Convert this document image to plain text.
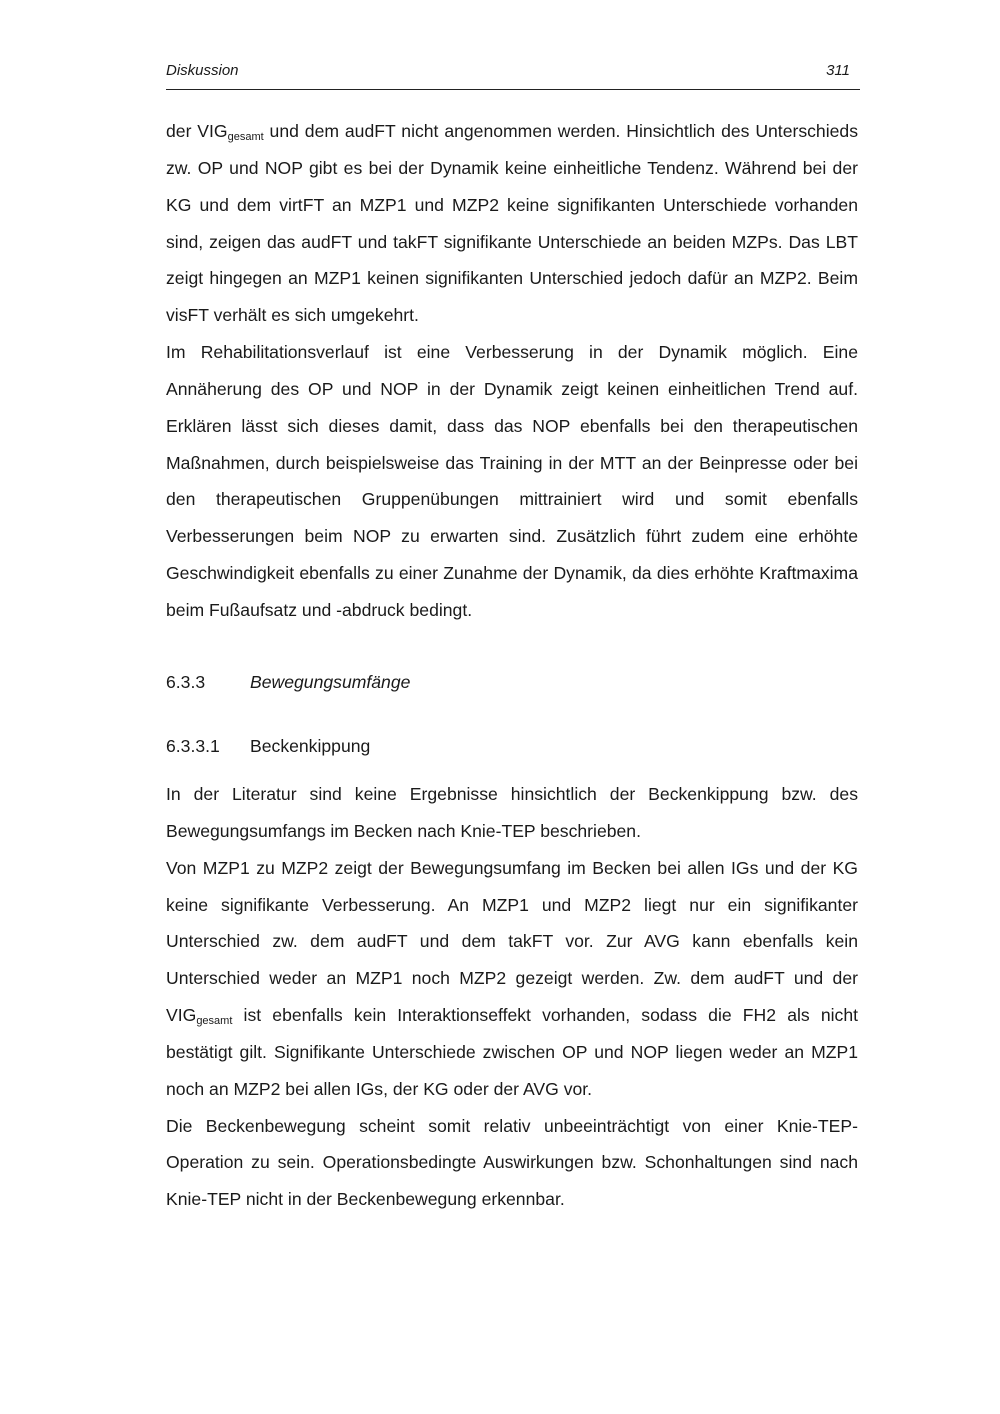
Diskussion	311

der $VIG_{gesamt}$ und dem audFT nicht angenommen werden. Hinsichtlich des Unterschieds zw. OP und NOP gibt es bei der Dynamik keine einheitliche Tendenz. Während bei der KG und dem virtFT an MZP1 und MZP2 keine signifikanten Unterschiede vorhanden sind, zeigen das audFT und takFT signifikante Unterschiede an beiden MZPs. Das LBT zeigt hingegen an MZP1 keinen signifikanten Unterschied jedoch dafür an MZP2. Beim visFT verhält es sich umgekehrt.

Im Rehabilitationsverlauf ist eine Verbesserung in der Dynamik möglich. Eine Annäherung des OP und NOP in der Dynamik zeigt keinen einheitlichen Trend auf. Erklären lässt sich dieses damit, dass das NOP ebenfalls bei den therapeutischen Maßnahmen, durch beispielsweise das Training in der MTT an der Beinpresse oder bei den therapeutischen Gruppenübungen mittrainiert wird und somit ebenfalls Verbesserungen beim NOP zu erwarten sind. Zusätzlich führt zudem eine erhöhte Geschwindigkeit ebenfalls zu einer Zunahme der Dynamik, da dies erhöhte Kraftmaxima beim Fußaufsatz und -abdruck bedingt.

6.3.3	Bewegungsumfänge
6.3.3.1 Beckenkippung

In der Literatur sind keine Ergebnisse hinsichtlich der Beckenkippung bzw. des Bewegungsumfangs im Becken nach Knie-TEP beschrieben.

Von MZP1 zu MZP2 zeigt der Bewegungsumfang im Becken bei allen IGs und der KG keine signifikante Verbesserung. An MZP1 und MZP2 liegt nur ein signifikanter Unterschied zw. dem audFT und dem takFT vor. Zur AVG kann ebenfalls kein Unterschied weder an MZP1 noch MZP2 gezeigt werden. Zw. dem audFT und der $VIG_{gesamt}$ ist ebenfalls kein Interaktionseffekt vorhanden, sodass die FH2 als nicht bestätigt gilt. Signifikante Unterschiede zwischen OP und NOP liegen weder an MZP1 noch an MZP2 bei allen IGs, der KG oder der AVG vor.

Die Beckenbewegung scheint somit relativ unbeeinträchtigt von einer Knie-TEP-Operation zu sein. Operationsbedingte Auswirkungen bzw. Schonhaltungen sind nach Knie-TEP nicht in der Beckenbewegung erkennbar.
